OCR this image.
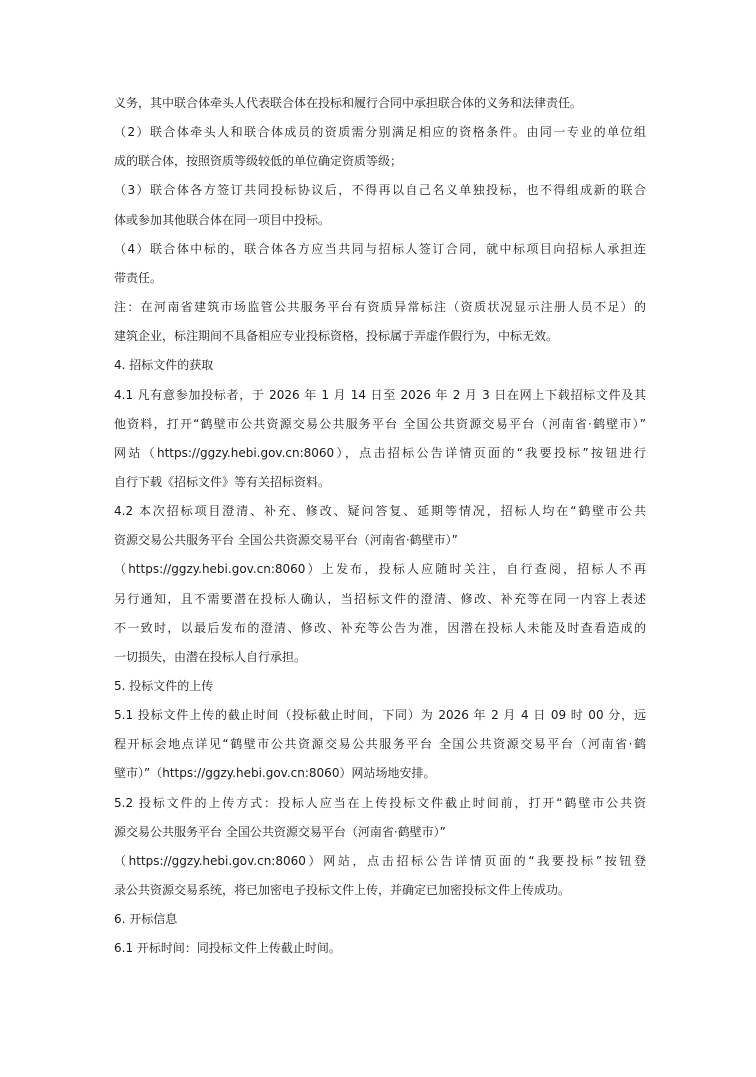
义务，其中联合体牵头人代表联合体在投标和履行合同中承担联合体的义务和法律责任。
（2）联合体牵头人和联合体成员的资质需分别满足相应的资格条件。由同一专业的单位组
成的联合体，按照资质等级较低的单位确定资质等级；
（3）联合体各方签订共同投标协议后，不得再以自己名义单独投标，也不得组成新的联合
体或参加其他联合体在同一项目中投标。
（4）联合体中标的，联合体各方应当共同与招标人签订合同，就中标项目向招标人承担连
带责任。
注：在河南省建筑市场监管公共服务平台有资质异常标注（资质状况显示注册人员不足）的
建筑企业，标注期间不具备相应专业投标资格，投标属于弄虚作假行为，中标无效。
4. 招标文件的获取
4.1 凡有意参加投标者，于 2026 年 1 月 14 日至 2026 年 2 月 3 日在网上下载招标文件及其
他资料，打开“鹤壁市公共资源交易公共服务平台 全国公共资源交易平台（河南省·鹤壁市）”
网站（https://ggzy.hebi.gov.cn:8060），点击招标公告详情页面的“我要投标”按钮进行
自行下载《招标文件》等有关招标资料。
4.2 本次招标项目澄清、补充、修改、疑问答复、延期等情况，招标人均在“鹤壁市公共
资源交易公共服务平台 全国公共资源交易平台（河南省·鹤壁市）”
（https://ggzy.hebi.gov.cn:8060）上发布，投标人应随时关注，自行查阅，招标人不再
另行通知，且不需要潜在投标人确认，当招标文件的澄清、修改、补充等在同一内容上表述
不一致时，以最后发布的澄清、修改、补充等公告为准，因潜在投标人未能及时查看造成的
一切损失，由潜在投标人自行承担。
5. 投标文件的上传
5.1 投标文件上传的截止时间（投标截止时间，下同）为 2026 年 2 月 4 日 09 时 00 分，远
程开标会地点详见“鹤壁市公共资源交易公共服务平台 全国公共资源交易平台（河南省·鹤
壁市）”（https://ggzy.hebi.gov.cn:8060）网站场地安排。
5.2 投标文件的上传方式：投标人应当在上传投标文件截止时间前，打开“鹤壁市公共资
源交易公共服务平台 全国公共资源交易平台（河南省·鹤壁市）”
（https://ggzy.hebi.gov.cn:8060）网站，点击招标公告详情页面的“我要投标”按钮登
录公共资源交易系统，将已加密电子投标文件上传，并确定已加密投标文件上传成功。
6. 开标信息
6.1 开标时间：同投标文件上传截止时间。
